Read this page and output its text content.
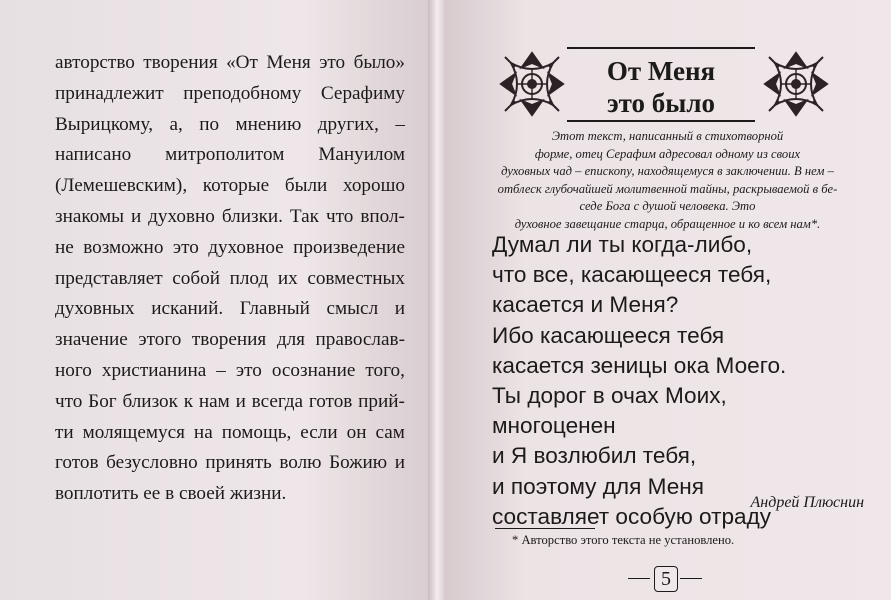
авторство творения «От Меня это было»
принадлежит преподобному Серафиму
Вырицкому, а, по мнению других, –
написано митрополитом Мануилом
(Лемешевским), которые были хорошо
знакомы и духовно близки. Так что впол-
не возможно это духовное произведение
представляет собой плод их совместных
духовных исканий. Главный смысл и
значение этого творения для православ-
ного христианина – это осознание того,
что Бог близок к нам и всегда готов прий-
ти молящемуся на помощь, если он сам
готов безусловно принять волю Божию и
воплотить ее в своей жизни.	Андрей Плюснин
От Меня
это было
Этот текст, написанный в стихотворной
форме, отец Серафим адресовал одному из своих
духовных чад – епископу, находящемуся в заключении. В нем –
отблеск глубочайшей молитвенной тайны, раскрываемой в бе-
седе Бога с душой человека. Это
духовное завещание старца, обращенное и ко всем нам*.
Думал ли ты когда-либо,
что все, касающееся тебя,
касается и Меня?
Ибо касающееся тебя
касается зеницы ока Моего.
Ты дорог в очах Моих,
многоценен
и Я возлюбил тебя,
и поэтому для Меня
составляет особую отраду
* Авторство этого текста не установлено.
5
